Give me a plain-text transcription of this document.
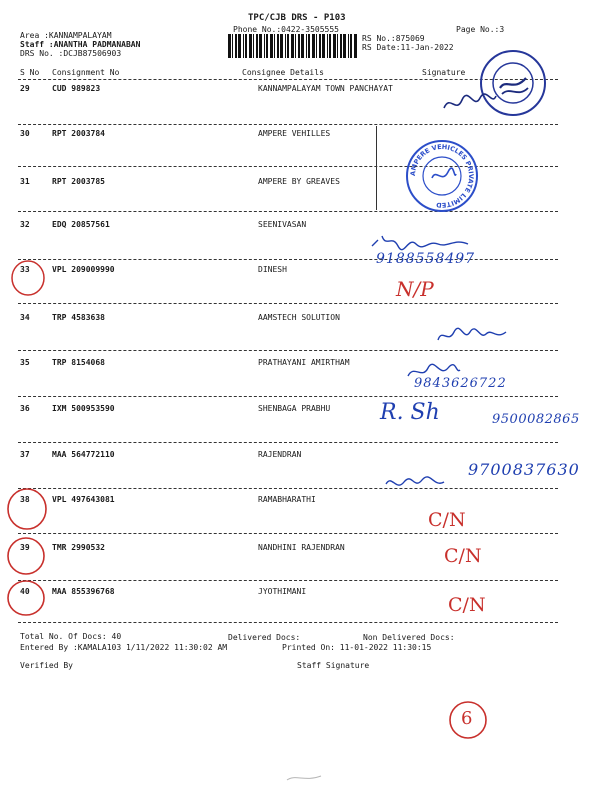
TPC/CJB DRS - P103
Phone No.:0422-3505555	Page No.:3
Area :KANNAMPALAYAM
Staff :ANANTHA PADMANABAN
DRS No. :DCJB87506903
RS No.:875069
RS Date:11-Jan-2022
S No Consignment No	Consignee Details	Signature
29	CUD 989823	KANNAMPALAYAM TOWN PANCHAYAT
30	RPT 2003784	AMPERE VEHILLES
31	RPT 2003785	AMPERE BY GREAVES
32	EDQ 20857561	SEENIVASAN
33	VPL 209009990	DINESH
34	TRP 4583638	AAMSTECH SOLUTION
35	TRP 8154068	PRATHAYANI AMIRTHAM
36	IXM 500953590	SHENBAGA PRABHU
37	MAA 564772110	RAJENDRAN
38	VPL 497643081	RAMABHARATHI
39	TMR 2990532	NANDHINI RAJENDRAN
40	MAA 855396768	JYOTHIMANI
Total No. Of Docs: 40	Delivered Docs:	Non Delivered Docs:
Entered By :KAMALA103 1/11/2022 11:30:02 AM	Printed On: 11-01-2022 11:30:15
Verified By	Staff Signature
AMPERE VEHICLES PRIVATE LIMITED
9188558497
N/P
9843626722
R. Sh	9500082865
9700837630
C/N
C/N
C/N
6
